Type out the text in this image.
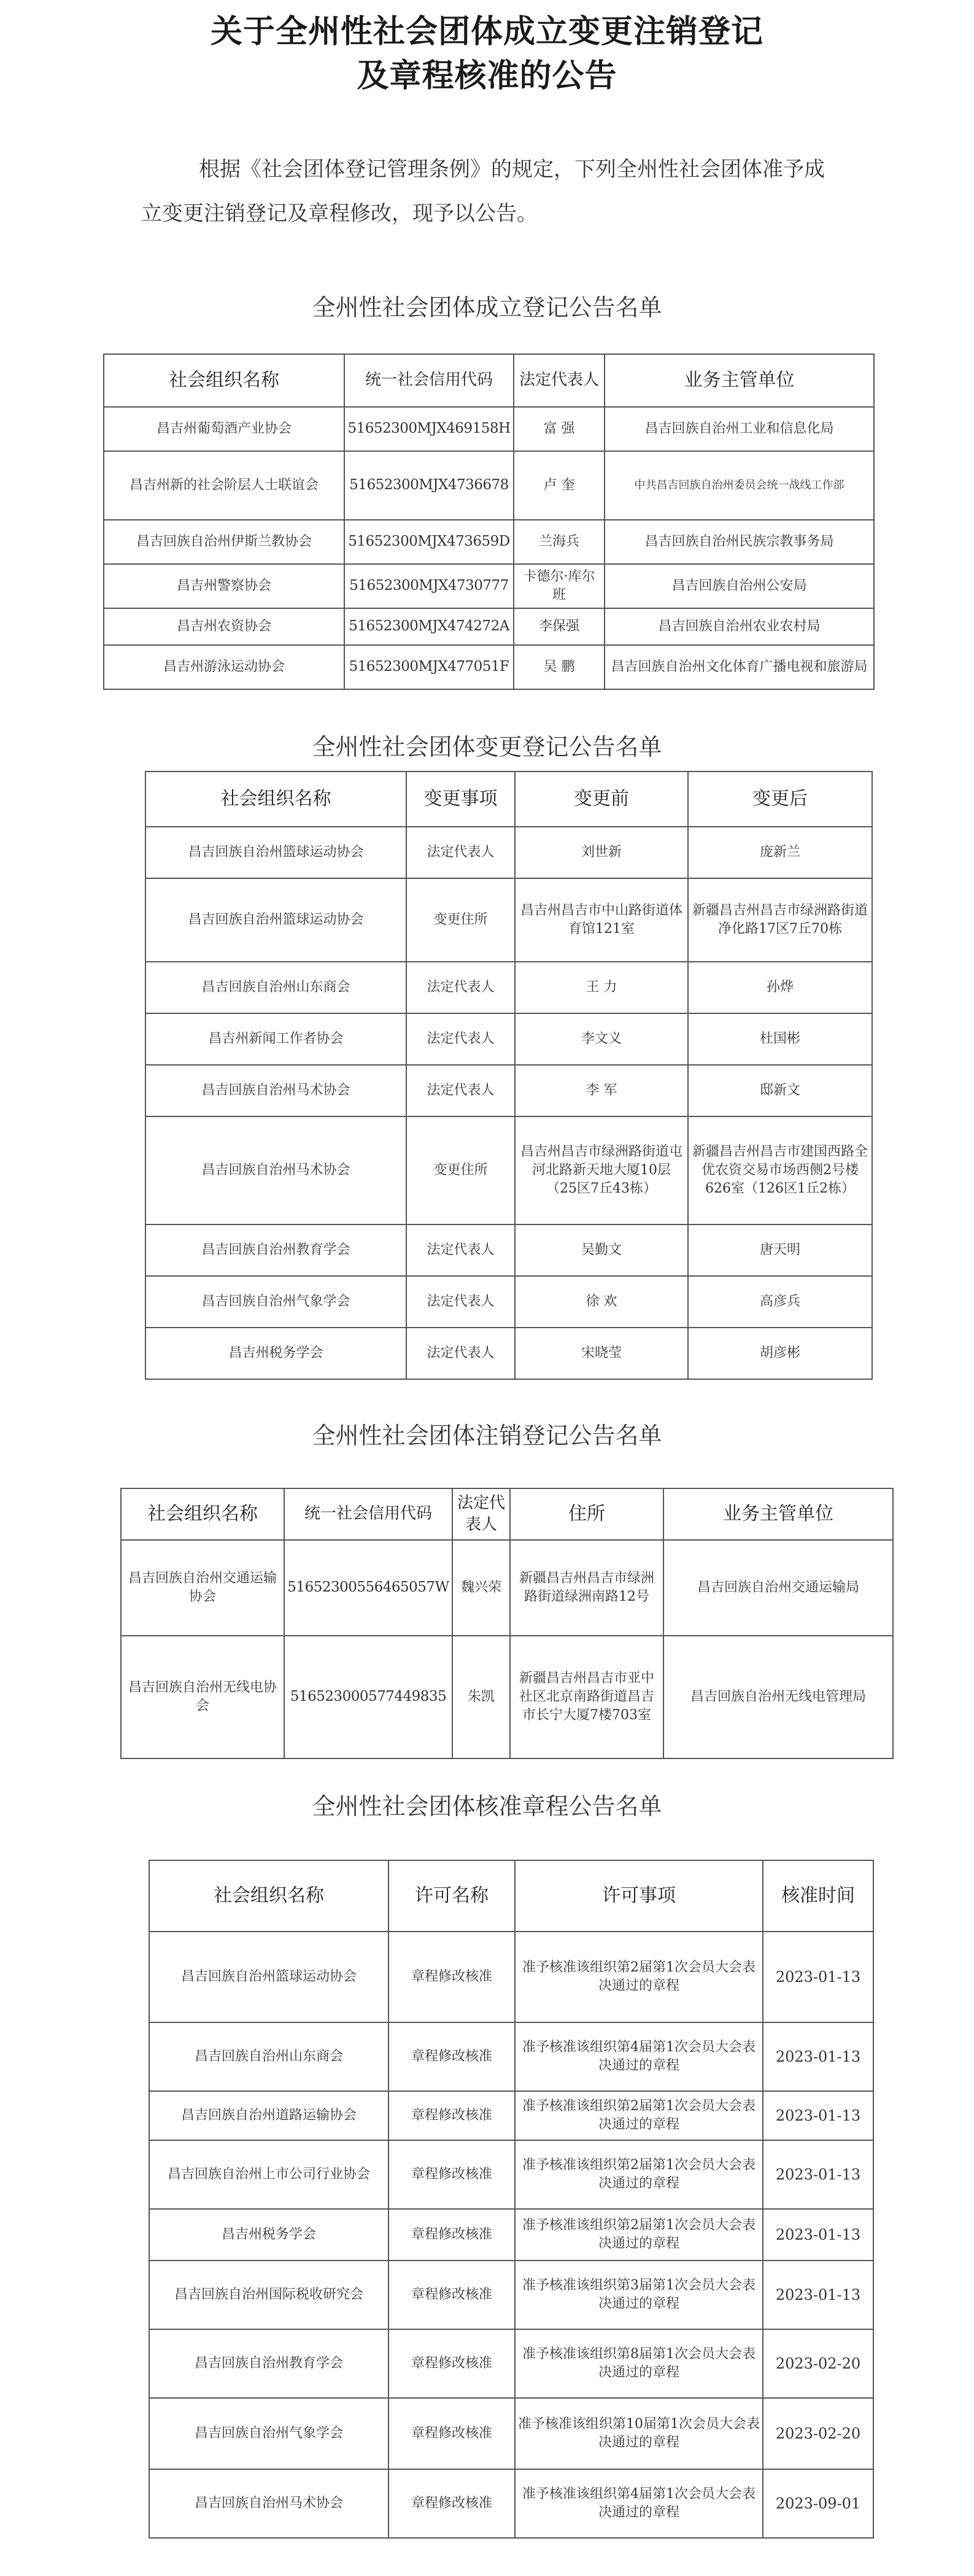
关于全州性社会团体成立变更注销登记
及章程核准的公告

根据《社会团体登记管理条例》的规定，下列全州性社会团体准予成立变更注销登记及章程修改，现予以公告。

全州性社会团体成立登记公告名单
社会组织名称	统一社会信用代码	法定代表人	业务主管单位
昌吉州葡萄酒产业协会	51652300MJX469158H	富 强	昌吉回族自治州工业和信息化局
昌吉州新的社会阶层人士联谊会	51652300MJX4736678	卢 奎	中共昌吉回族自治州委员会统一战线工作部
昌吉回族自治州伊斯兰教协会	51652300MJX473659D	兰海兵	昌吉回族自治州民族宗教事务局
昌吉州警察协会	51652300MJX4730777	卡德尔·库尔班	昌吉回族自治州公安局
昌吉州农资协会	51652300MJX474272A	李保强	昌吉回族自治州农业农村局
昌吉州游泳运动协会	51652300MJX477051F	吴 鹏	昌吉回族自治州文化体育广播电视和旅游局
全州性社会团体变更登记公告名单
社会组织名称	变更事项	变更前	变更后
昌吉回族自治州篮球运动协会	法定代表人	刘世新	庞新兰
昌吉回族自治州篮球运动协会	变更住所	昌吉州昌吉市中山路街道体育馆121室	新疆昌吉州昌吉市绿洲路街道净化路17区7丘70栋
昌吉回族自治州山东商会	法定代表人	王 力	孙烨
昌吉州新闻工作者协会	法定代表人	李文义	杜国彬
昌吉回族自治州马术协会	法定代表人	李 军	邸新文
昌吉回族自治州马术协会	变更住所	昌吉州昌吉市绿洲路街道屯河北路新天地大厦10层（25区7丘43栋）	新疆昌吉州昌吉市建国西路全优农资交易市场西侧2号楼626室（126区1丘2栋）
昌吉回族自治州教育学会	法定代表人	吴勤文	唐天明
昌吉回族自治州气象学会	法定代表人	徐 欢	高彦兵
昌吉州税务学会	法定代表人	宋晓莹	胡彦彬
全州性社会团体注销登记公告名单
社会组织名称	统一社会信用代码	法定代表人	住所	业务主管单位
昌吉回族自治州交通运输协会	5165230055646505​7W	魏兴荣	新疆昌吉州昌吉市绿洲路街道绿洲南路12号	昌吉回族自治州交通运输局
昌吉回族自治州无线电协会	516523000577449835	朱凯	新疆昌吉州昌吉市亚中社区北京南路街道昌吉市长宁大厦7楼703室	昌吉回族自治州无线电管理局
全州性社会团体核准章程公告名单
社会组织名称	许可名称	许可事项	核准时间
昌吉回族自治州篮球运动协会	章程修改核准	准予核准该组织第2届第1次会员大会表决通过的章程	2023-01-13
昌吉回族自治州山东商会	章程修改核准	准予核准该组织第4届第1次会员大会表决通过的章程	2023-01-13
昌吉回族自治州道路运输协会	章程修改核准	准予核准该组织第2届第1次会员大会表决通过的章程	2023-01-13
昌吉回族自治州上市公司行业协会	章程修改核准	准予核准该组织第2届第1次会员大会表决通过的章程	2023-01-13
昌吉州税务学会	章程修改核准	准予核准该组织第2届第1次会员大会表决通过的章程	2023-01-13
昌吉回族自治州国际税收研究会	章程修改核准	准予核准该组织第3届第1次会员大会表决通过的章程	2023-01-13
昌吉回族自治州教育学会	章程修改核准	准予核准该组织第8届第1次会员大会表决通过的章程	2023-02-20
昌吉回族自治州气象学会	章程修改核准	准予核准该组织第10届第1次会员大会表决通过的章程	2023-02-20
昌吉回族自治州马术协会	章程修改核准	准予核准该组织第4届第1次会员大会表决通过的章程	2023-09-01
